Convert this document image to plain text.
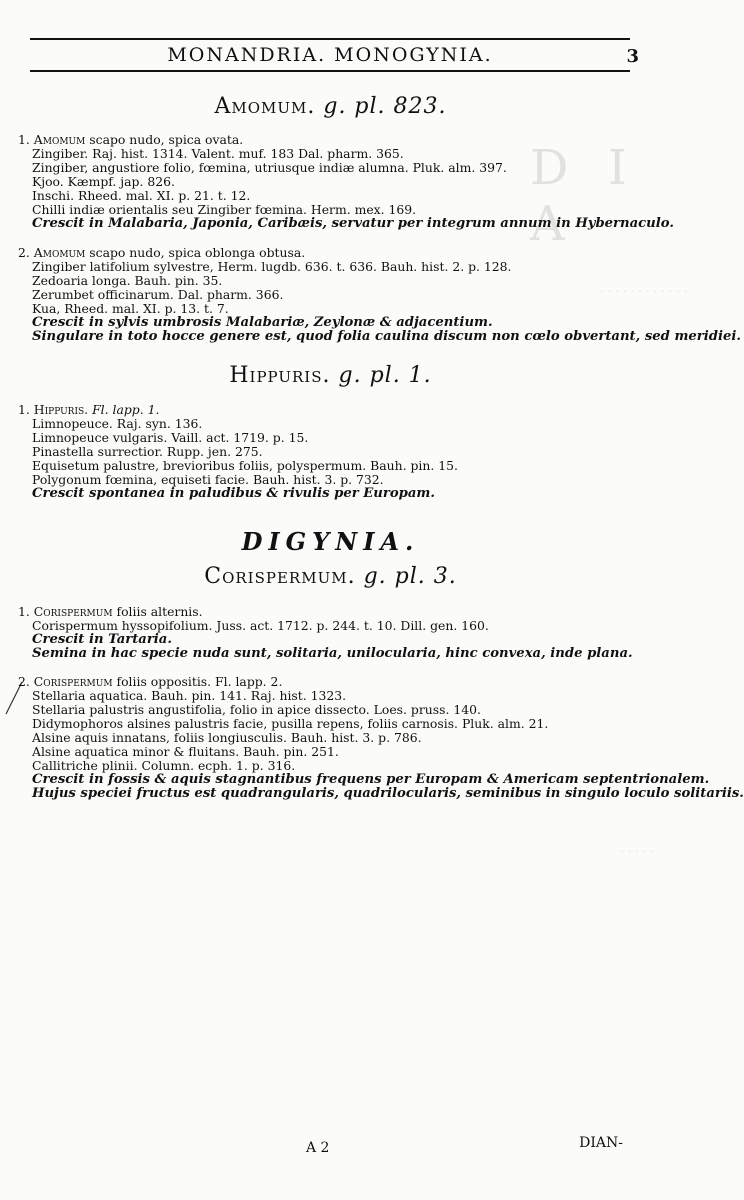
D I A
. . . . . . . . . . . .
MONANDRIA. MONOGYNIA.	3
Amomum. g. pl. 823.
1. Amomum scapo nudo, spica ovata.
Zingiber. Raj. hist. 1314. Valent. muf. 183 Dal. pharm. 365.
Zingiber, angustiore folio, fœmina, utriusque indiæ alumna. Pluk. alm. 397.
Kjoo. Kæmpf. jap. 826.
Inschi. Rheed. mal. XI. p. 21. t. 12.
Chilli indiæ orientalis seu Zingiber fœmina. Herm. mex. 169.
Crescit in Malabaria, Japonia, Caribæis, servatur per integrum annum in Hybernaculo.
2. Amomum scapo nudo, spica oblonga obtusa.
Zingiber latifolium sylvestre, Herm. lugdb. 636. t. 636. Bauh. hist. 2. p. 128.
Zedoaria longa. Bauh. pin. 35.
Zerumbet officinarum. Dal. pharm. 366.
Kua, Rheed. mal. XI. p. 13. t. 7.
Crescit in sylvis umbrosis Malabariæ, Zeylonæ & adjacentium.
Singulare in toto hocce genere est, quod folia caulina discum non cœlo obvertant, sed meridiei.
Hippuris. g. pl. 1.
1. Hippuris. Fl. lapp. 1.
Limnopeuce. Raj. syn. 136.
Limnopeuce vulgaris. Vaill. act. 1719. p. 15.
Pinastella surrectior. Rupp. jen. 275.
Equisetum palustre, brevioribus foliis, polyspermum. Bauh. pin. 15.
Polygonum fœmina, equiseti facie. Bauh. hist. 3. p. 732.
Crescit spontanea in paludibus & rivulis per Europam.
DIGYNIA.
Corispermum. g. pl. 3.
1. Corispermum foliis alternis.
Corispermum hyssopifolium. Juss. act. 1712. p. 244. t. 10. Dill. gen. 160.
Crescit in Tartaria.
Semina in hac specie nuda sunt, solitaria, unilocularia, hinc convexa, inde plana.
2. Corispermum foliis oppositis. Fl. lapp. 2.
Stellaria aquatica. Bauh. pin. 141. Raj. hist. 1323.
Stellaria palustris angustifolia, folio in apice dissecto. Loes. pruss. 140.
Didymophoros alsines palustris facie, pusilla repens, foliis carnosis. Pluk. alm. 21.
Alsine aquis innatans, foliis longiusculis. Bauh. hist. 3. p. 786.
Alsine aquatica minor & fluitans. Bauh. pin. 251.
Callitriche plinii. Column. ecph. 1. p. 316.
Crescit in fossis & aquis stagnantibus frequens per Europam & Americam septentrionalem.
Hujus speciei fructus est quadrangularis, quadrilocularis, seminibus in singulo loculo solitariis.
. . . . .
A 2	DIAN-
